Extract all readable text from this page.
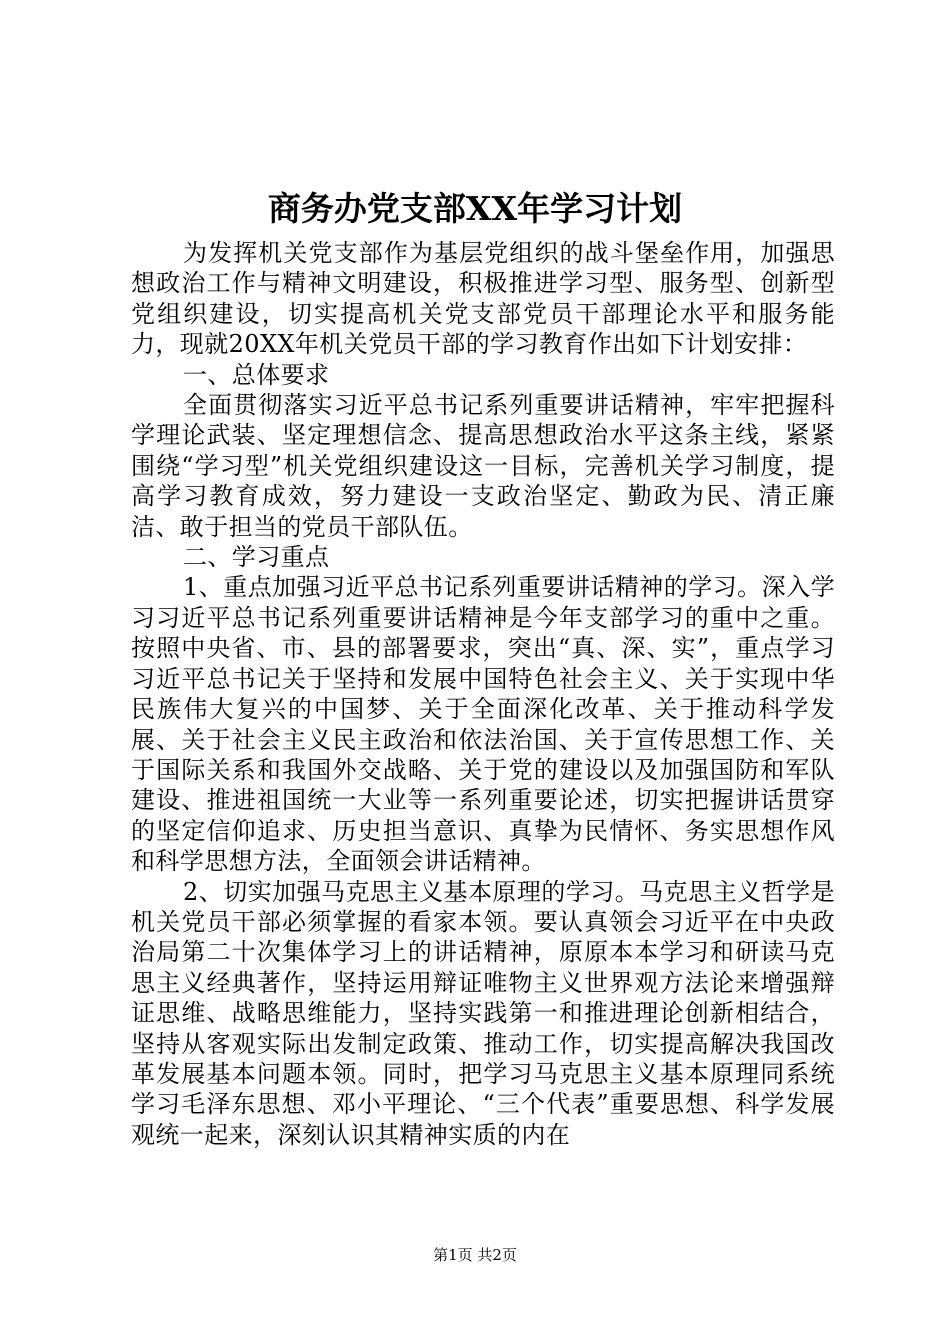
商务办党支部XX年学习计划

为发挥机关党支部作为基层党组织的战斗堡垒作用，加强思想政治工作与精神文明建设，积极推进学习型、服务型、创新型党组织建设，切实提高机关党支部党员干部理论水平和服务能力，现就20XX年机关党员干部的学习教育作出如下计划安排：

一、总体要求

全面贯彻落实习近平总书记系列重要讲话精神，牢牢把握科学理论武装、坚定理想信念、提高思想政治水平这条主线，紧紧围绕“学习型”机关党组织建设这一目标，完善机关学习制度，提高学习教育成效，努力建设一支政治坚定、勤政为民、清正廉洁、敢于担当的党员干部队伍。

二、学习重点

1、重点加强习近平总书记系列重要讲话精神的学习。深入学习习近平总书记系列重要讲话精神是今年支部学习的重中之重。按照中央省、市、县的部署要求，突出“真、深、实”，重点学习习近平总书记关于坚持和发展中国特色社会主义、关于实现中华民族伟大复兴的中国梦、关于全面深化改革、关于推动科学发展、关于社会主义民主政治和依法治国、关于宣传思想工作、关于国际关系和我国外交战略、关于党的建设以及加强国防和军队建设、推进祖国统一大业等一系列重要论述，切实把握讲话贯穿的坚定信仰追求、历史担当意识、真挚为民情怀、务实思想作风和科学思想方法，全面领会讲话精神。

2、切实加强马克思主义基本原理的学习。马克思主义哲学是机关党员干部必须掌握的看家本领。要认真领会习近平在中央政治局第二十次集体学习上的讲话精神，原原本本学习和研读马克思主义经典著作，坚持运用辩证唯物主义世界观方法论来增强辩证思维、战略思维能力，坚持实践第一和推进理论创新相结合，坚持从客观实际出发制定政策、推动工作，切实提高解决我国改革发展基本问题本领。同时，把学习马克思主义基本原理同系统学习毛泽东思想、邓小平理论、“三个代表”重要思想、科学发展观统一起来，深刻认识其精神实质的内在

第1页 共2页
